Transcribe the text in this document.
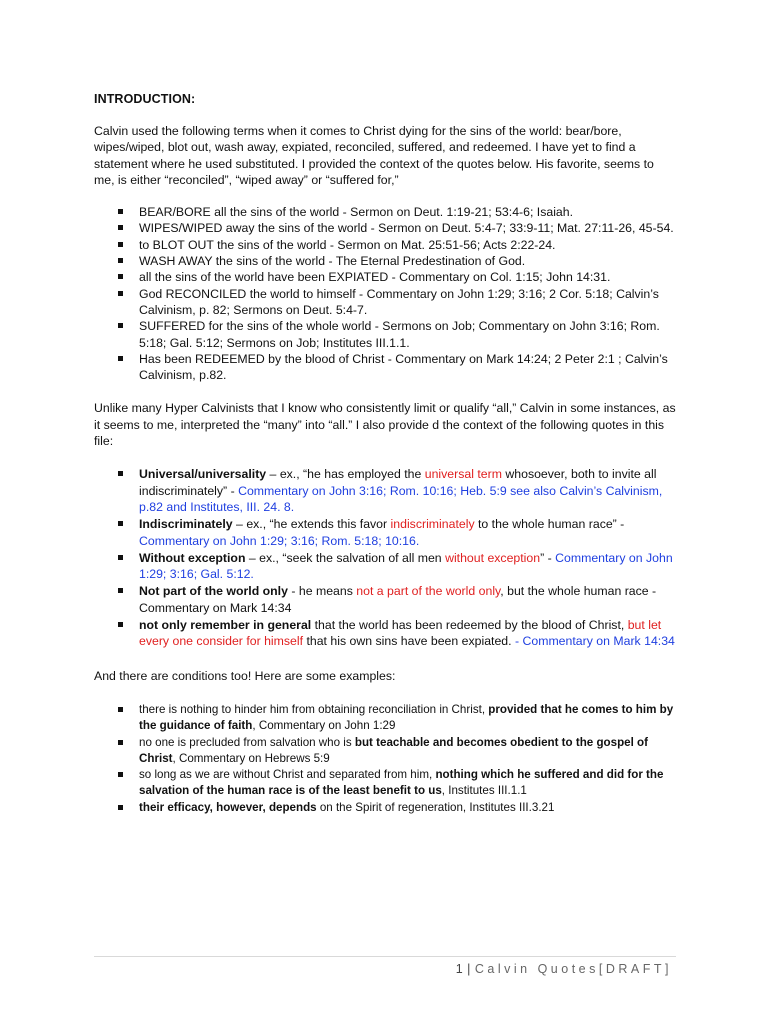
INTRODUCTION:

Calvin used the following terms when it comes to Christ dying for the sins of the world: bear/bore, wipes/wiped, blot out, wash away, expiated, reconciled, suffered, and redeemed. I have yet to find a statement where he used substituted. I provided the context of the quotes below. His favorite, seems to me, is either “reconciled”, “wiped away” or “suffered for,”

BEAR/BORE all the sins of the world - Sermon on Deut. 1:19-21; 53:4-6; Isaiah.
WIPES/WIPED away the sins of the world - Sermon on Deut. 5:4-7; 33:9-11; Mat. 27:11-26, 45-54.
to BLOT OUT the sins of the world - Sermon on Mat. 25:51-56; Acts 2:22-24.
WASH AWAY the sins of the world - The Eternal Predestination of God.
all the sins of the world have been EXPIATED - Commentary on Col. 1:15; John 14:31.
God RECONCILED the world to himself - Commentary on John 1:29; 3:16; 2 Cor. 5:18; Calvin’s Calvinism, p. 82; Sermons on Deut. 5:4-7.
SUFFERED for the sins of the whole world - Sermons on Job; Commentary on John 3:16; Rom. 5:18; Gal. 5:12; Sermons on Job; Institutes III.1.1.
Has been REDEEMED by the blood of Christ - Commentary on Mark 14:24; 2 Peter 2:1 ; Calvin’s Calvinism, p.82.

Unlike many Hyper Calvinists that I know who consistently limit or qualify “all,” Calvin in some instances, as it seems to me, interpreted the “many” into “all.” I also provide d the context of the following quotes in this file:

Universal/universality – ex., “he has employed the universal term whosoever, both to invite all indiscriminately” - Commentary on John 3:16; Rom. 10:16; Heb. 5:9 see also Calvin’s Calvinism, p.82 and Institutes, III. 24. 8.
Indiscriminately – ex., “he extends this favor indiscriminately to the whole human race” - Commentary on John 1:29; 3:16; Rom. 5:18; 10:16.
Without exception – ex., “seek the salvation of all men without exception” - Commentary on John 1:29; 3:16; Gal. 5:12.
Not part of the world only - he means not a part of the world only, but the whole human race - Commentary on Mark 14:34
not only remember in general that the world has been redeemed by the blood of Christ, but let every one consider for himself that his own sins have been expiated. - Commentary on Mark 14:34

And there are conditions too! Here are some examples:

there is nothing to hinder him from obtaining reconciliation in Christ, provided that he comes to him by the guidance of faith, Commentary on John 1:29
no one is precluded from salvation who is but teachable and becomes obedient to the gospel of Christ, Commentary on Hebrews 5:9
so long as we are without Christ and separated from him, nothing which he suffered and did for the salvation of the human race is of the least benefit to us, Institutes III.1.1
their efficacy, however, depends on the Spirit of regeneration, Institutes III.3.21
1 | Calvin Quotes[DRAFT]
